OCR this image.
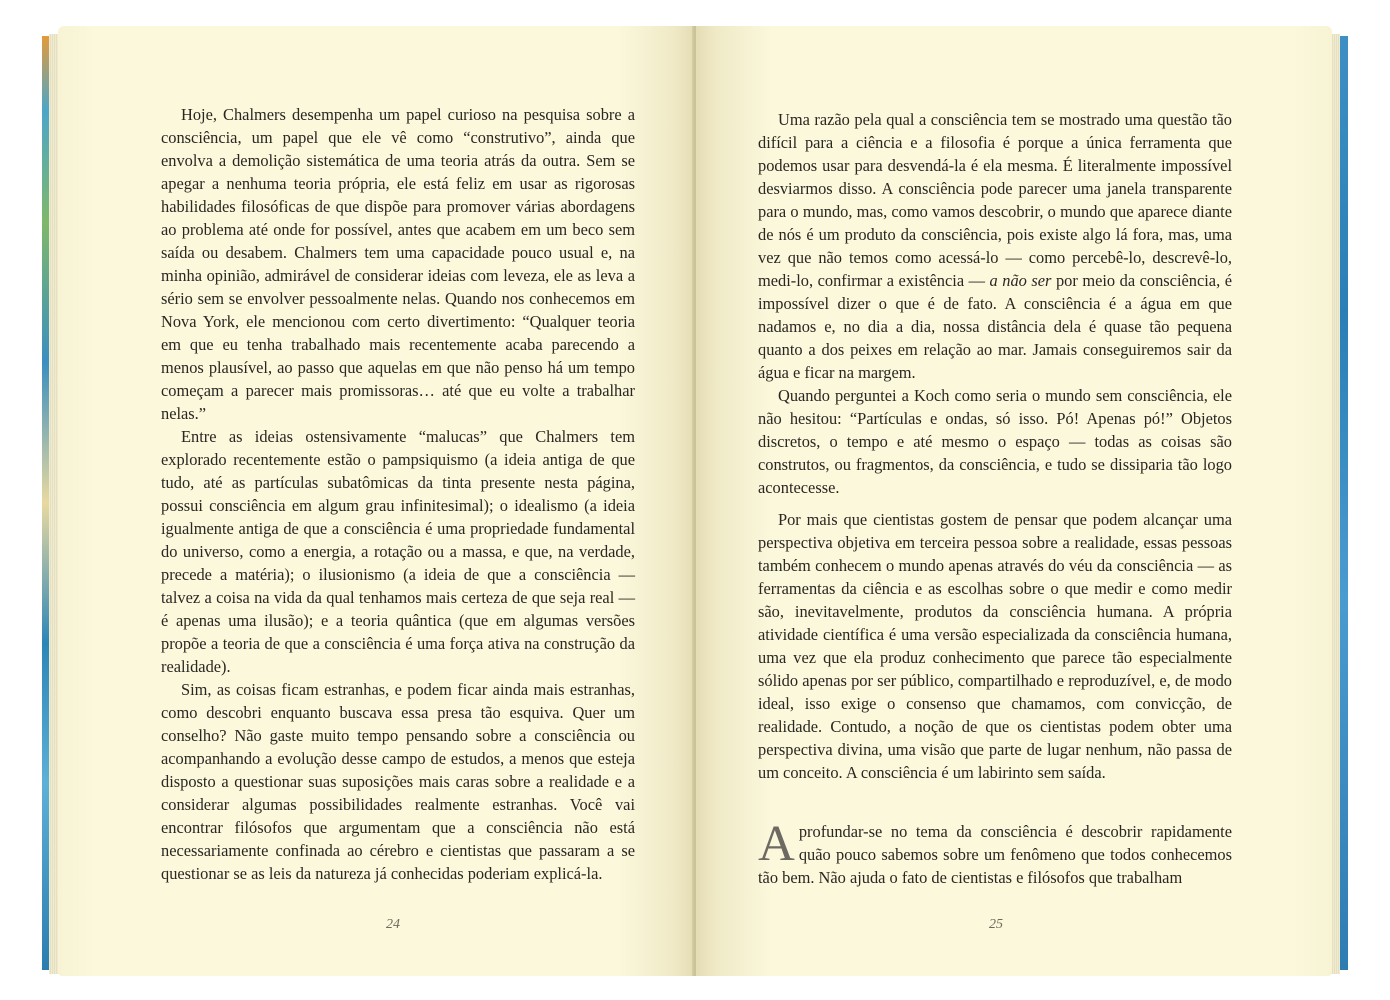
Hoje, Chalmers desempenha um papel curioso na pesquisa sobre a consciência, um papel que ele vê como “construtivo”, ainda que envolva a demolição sistemática de uma teoria atrás da outra. Sem se apegar a nenhuma teoria própria, ele está feliz em usar as rigorosas habilidades filosóficas de que dispõe para promover várias abordagens ao problema até onde for possível, antes que acabem em um beco sem saída ou desabem. Chalmers tem uma capacidade pouco usual e, na minha opinião, admirável de considerar ideias com leveza, ele as leva a sério sem se envolver pessoalmente nelas. Quando nos conhecemos em Nova York, ele mencionou com certo divertimento: “Qualquer teoria em que eu tenha trabalhado mais recentemente acaba parecendo a menos plausível, ao passo que aquelas em que não penso há um tempo começam a parecer mais promissoras… até que eu volte a trabalhar nelas.”

Entre as ideias ostensivamente “malucas” que Chalmers tem explorado recentemente estão o pampsiquismo (a ideia antiga de que tudo, até as partículas subatômicas da tinta presente nesta página, possui consciência em algum grau infinitesimal); o idealismo (a ideia igualmente antiga de que a consciência é uma propriedade fundamental do universo, como a energia, a rotação ou a massa, e que, na verdade, precede a matéria); o ilusionismo (a ideia de que a consciência — talvez a coisa na vida da qual tenhamos mais certeza de que seja real — é apenas uma ilusão); e a teoria quântica (que em algumas versões propõe a teoria de que a consciência é uma força ativa na construção da realidade).

Sim, as coisas ficam estranhas, e podem ficar ainda mais estranhas, como descobri enquanto buscava essa presa tão esquiva. Quer um conselho? Não gaste muito tempo pensando sobre a consciência ou acompanhando a evolução desse campo de estudos, a menos que esteja disposto a questionar suas suposições mais caras sobre a realidade e a considerar algumas possibilidades realmente estranhas. Você vai encontrar filósofos que argumentam que a consciência não está necessariamente confinada ao cérebro e cientistas que passaram a se questionar se as leis da natureza já conhecidas poderiam explicá-la.

24

Uma razão pela qual a consciência tem se mostrado uma questão tão difícil para a ciência e a filosofia é porque a única ferramenta que podemos usar para desvendá-la é ela mesma. É literalmente impossível desviarmos disso. A consciência pode parecer uma janela transparente para o mundo, mas, como vamos descobrir, o mundo que aparece diante de nós é um produto da consciência, pois existe algo lá fora, mas, uma vez que não temos como acessá-lo — como percebê-lo, descrevê-lo, medi-lo, confirmar a existência — a não ser por meio da consciência, é impossível dizer o que é de fato. A consciência é a água em que nadamos e, no dia a dia, nossa distância dela é quase tão pequena quanto a dos peixes em relação ao mar. Jamais conseguiremos sair da água e ficar na margem.

Quando perguntei a Koch como seria o mundo sem consciência, ele não hesitou: “Partículas e ondas, só isso. Pó! Apenas pó!” Objetos discretos, o tempo e até mesmo o espaço — todas as coisas são construtos, ou fragmentos, da consciência, e tudo se dissiparia tão logo acontecesse.

Por mais que cientistas gostem de pensar que podem alcançar uma perspectiva objetiva em terceira pessoa sobre a realidade, essas pessoas também conhecem o mundo apenas através do véu da consciência — as ferramentas da ciência e as escolhas sobre o que medir e como medir são, inevitavelmente, produtos da consciência humana. A própria atividade científica é uma versão especializada da consciência humana, uma vez que ela produz conhecimento que parece tão especialmente sólido apenas por ser público, compartilhado e reproduzível, e, de modo ideal, isso exige o consenso que chamamos, com convicção, de realidade. Contudo, a noção de que os cientistas podem obter uma perspectiva divina, uma visão que parte de lugar nenhum, não passa de um conceito. A consciência é um labirinto sem saída.

A profundar-se no tema da consciência é descobrir rapidamente quão pouco sabemos sobre um fenômeno que todos conhecemos tão bem. Não ajuda o fato de cientistas e filósofos que trabalham

25
